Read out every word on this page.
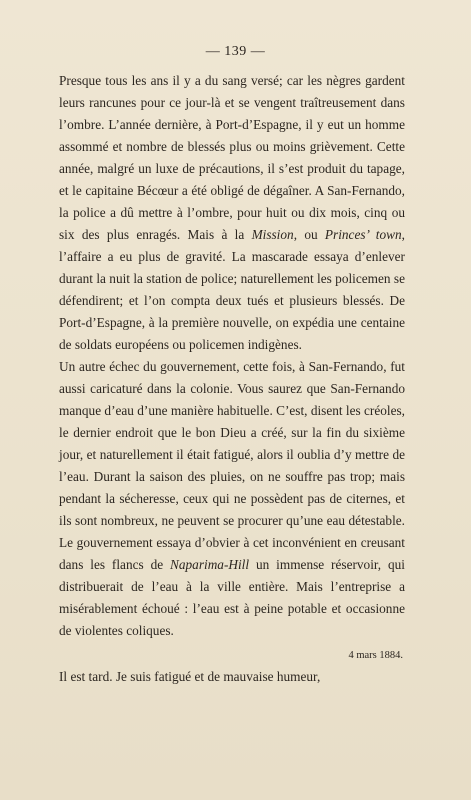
— 139 —

Presque tous les ans il y a du sang versé; car les nègres gardent leurs rancunes pour ce jour-là et se vengent traîtreusement dans l’ombre. L’année dernière, à Port-d’Espagne, il y eut un homme assommé et nombre de blessés plus ou moins grièvement. Cette année, malgré un luxe de précautions, il s’est produit du tapage, et le capitaine Bécœur a été obligé de dégaîner. A San-Fernando, la police a dû mettre à l’ombre, pour huit ou dix mois, cinq ou six des plus enragés. Mais à la Mission, ou Princes’ town, l’affaire a eu plus de gravité. La mascarade essaya d’enlever durant la nuit la station de police; naturellement les policemen se défendirent; et l’on compta deux tués et plusieurs blessés. De Port-d’Espagne, à la première nouvelle, on expédia une centaine de soldats européens ou policemen indigènes.

Un autre échec du gouvernement, cette fois, à San-Fernando, fut aussi caricaturé dans la colonie. Vous saurez que San-Fernando manque d’eau d’une manière habituelle. C’est, disent les créoles, le dernier endroit que le bon Dieu a créé, sur la fin du sixième jour, et naturellement il était fatigué, alors il oublia d’y mettre de l’eau. Durant la saison des pluies, on ne souffre pas trop; mais pendant la sécheresse, ceux qui ne possèdent pas de citernes, et ils sont nombreux, ne peuvent se procurer qu’une eau détestable. Le gouvernement essaya d’obvier à cet inconvénient en creusant dans les flancs de Naparima-Hill un immense réservoir, qui distribuerait de l’eau à la ville entière. Mais l’entreprise a misérablement échoué : l’eau est à peine potable et occasionne de violentes coliques.

4 mars 1884.

Il est tard. Je suis fatigué et de mauvaise humeur,
